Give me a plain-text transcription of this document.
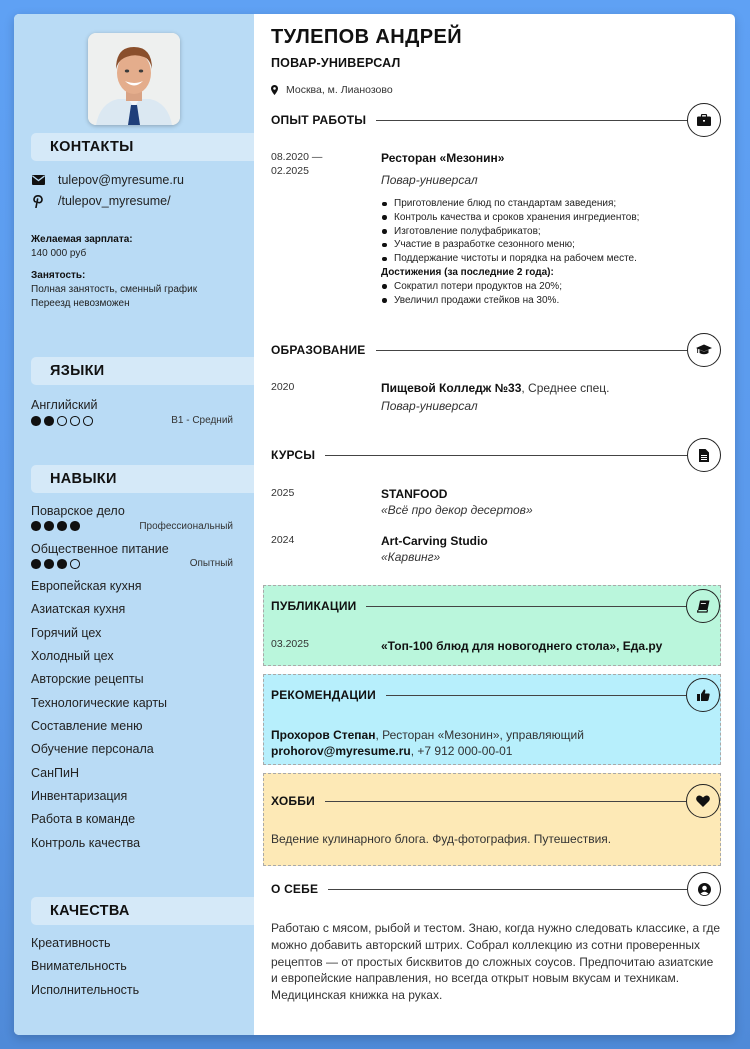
КОНТАКТЫ
tulepov@myresume.ru
/tulepov_myresume/
Желаемая зарплата:
140 000 руб
Занятость:
Полная занятость, сменный график
Переезд невозможен
ЯЗЫКИ
Английский
B1 - Средний
НАВЫКИ
Поварское дело
Профессиональный
Общественное питание
Опытный
Европейская кухня
Азиатская кухня
Горячий цех
Холодный цех
Авторские рецепты
Технологические карты
Составление меню
Обучение персонала
СанПиН
Инвентаризация
Работа в команде
Контроль качества
КАЧЕСТВА
Креативность
Внимательность
Исполнительность
ТУЛЕПОВ АНДРЕЙ
ПОВАР-УНИВЕРСАЛ
Москва, м. Лианозово
ОПЫТ РАБОТЫ
08.2020 —
02.2025
Ресторан «Мезонин»
Повар-универсал
Приготовление блюд по стандартам заведения;
Контроль качества и сроков хранения ингредиентов;
Изготовление полуфабрикатов;
Участие в разработке сезонного меню;
Поддержание чистоты и порядка на рабочем месте.
Достижения (за последние 2 года):
Сократил потери продуктов на 20%;
Увеличил продажи стейков на 30%.
ОБРАЗОВАНИЕ
2020	Пищевой Колледж №33, Среднее спец.
Повар-универсал
КУРСЫ
2025	STANFOOD
«Всё про декор десертов»
2024	Art-Carving Studio
«Карвинг»
ПУБЛИКАЦИИ
03.2025	«Топ-100 блюд для новогоднего стола», Еда.ру
РЕКОМЕНДАЦИИ
Прохоров Степан, Ресторан «Мезонин», управляющий
prohorov@myresume.ru, +7 912 000-00-01
ХОББИ
Ведение кулинарного блога. Фуд-фотография. Путешествия.
О СЕБЕ
Работаю с мясом, рыбой и тестом. Знаю, когда нужно следовать классике, а где можно добавить авторский штрих. Собрал коллекцию из сотни проверенных рецептов — от простых бисквитов до сложных соусов. Предпочитаю азиатские и европейские направления, но всегда открыт новым вкусам и техникам. Медицинская книжка на руках.
